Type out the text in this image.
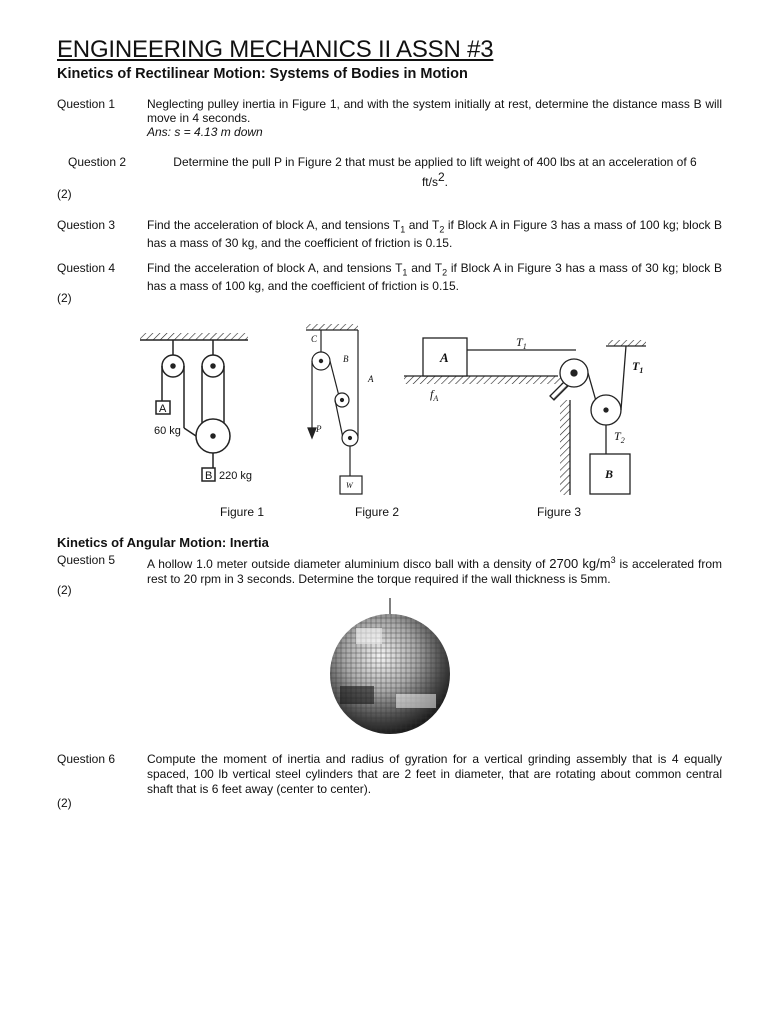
ENGINEERING MECHANICS II ASSN #3
Kinetics of Rectilinear Motion: Systems of Bodies in Motion
Question 1	Neglecting pulley inertia in Figure 1, and with the system initially at rest, determine the distance mass B will move in 4 seconds.
Ans: s = 4.13 m down
Question 2	Determine the pull P in Figure 2 that must be applied to lift weight of 400 lbs at an acceleration of 6
$ft/s^2$.
(2)
Question 3	Find the acceleration of block A, and tensions $T_1$ and $T_2$ if Block A in Figure 3 has a mass of 100 kg; block B has a mass of 30 kg, and the coefficient of friction is 0.15.
Question 4	Find the acceleration of block A, and tensions $T_1$ and $T_2$ if Block A in Figure 3 has a mass of 30 kg; block B has a mass of 100 kg, and the coefficient of friction is 0.15.
(2)
A
60 kg
B 220 kg
C
B
A
P
W
A
B
$T_1$
$T_1$
$T_2$
$f_A$
Figure 1	Figure 2	Figure 3
Kinetics of Angular Motion: Inertia
Question 5	A hollow 1.0 meter outside diameter aluminium disco ball with a density of 2700 $kg/m^3$ is accelerated from rest to 20 rpm in 3 seconds. Determine the torque required if the wall thickness is 5mm.
(2)
Question 6	Compute the moment of inertia and radius of gyration for a vertical grinding assembly that is 4 equally spaced, 100 lb vertical steel cylinders that are 2 feet in diameter, that are rotating about common central shaft that is 6 feet away (center to center).
(2)
